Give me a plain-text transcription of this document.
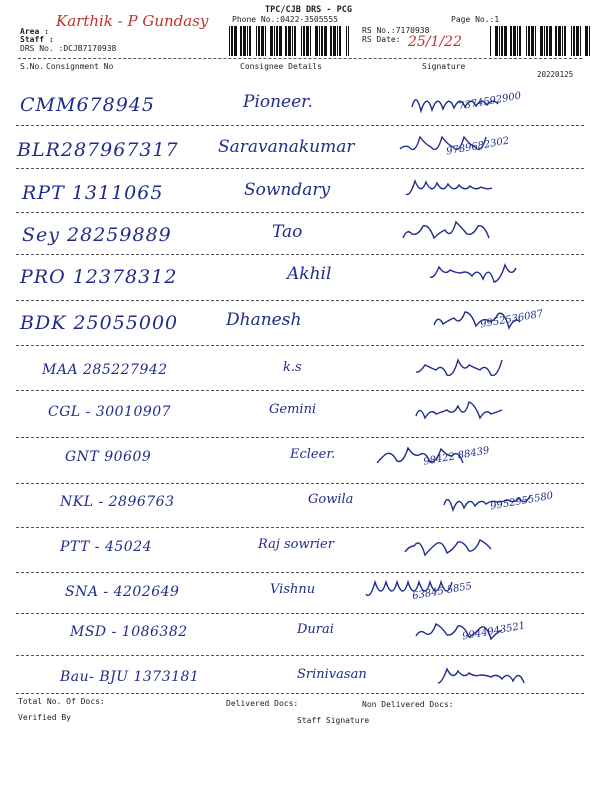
TPC/CJB DRS - PCG
Phone No.:0422-3505555	Page No.:1
Area :
Karthik - P Gundasy
Staff :
DRS No. :DCJB7170938
RS No.:7170938
RS Date: 25/1/22
S.No. Consignment No	Consignee Details	Signature
20220125
CMM678945	Pioneer.	7374592900
BLR287967317 Saravanakumar	9789682302
RPT 1311065	Sowndary
Sey 28259889	Tao
PRO 12378312	Akhil
BDK 25055000	Dhanesh	9952536087
MAA 285227942	k.s
CGL - 30010907	Gemini
GNT 90609	Ecleer.	98422 88439
NKL - 2896763	Gowila	9952955580
PTT - 45024	Raj sowrier
SNA - 4202649	Vishnu	63845 5855
MSD - 1086382	Durai	9944943521
Bau- BJU 1373181	Srinivasan
Total No. Of Docs:	Delivered Docs:	Non Delivered Docs:
Verified By	Staff Signature
